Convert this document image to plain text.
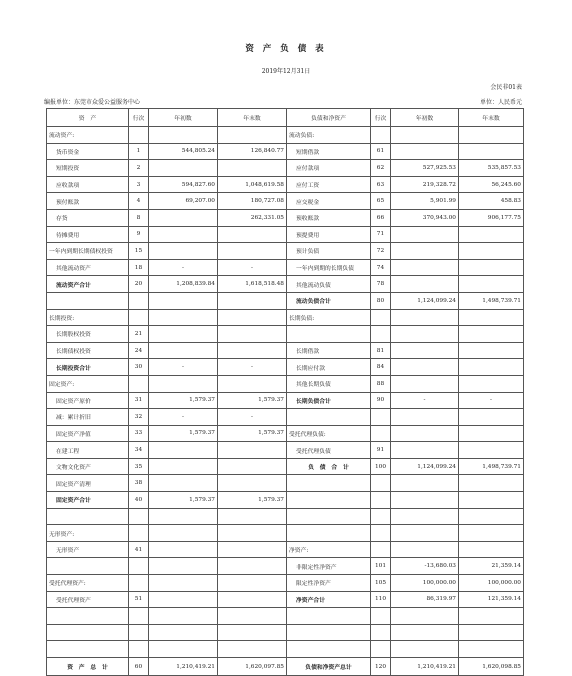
资 产 负 债 表
2019年12月31日
会民非01表
编报单位：东莞市众爱公益服务中心	单位：人民币元
资　产	行次	年初数	年末数	负债和净资产	行次	年初数	年末数
流动资产:				流动负债:			
货币资金	1	544,805.24	126,840.77	短期借款	61		
短期投资	2			应付款项	62	527,925.53	535,857.53
应收款项	3	594,827.60	1,048,619.58	应付工资	63	219,328.72	56,245.60
预付账款	4	69,207.00	180,727.08	应交税金	65	5,901.99	458.83
存货	8		262,331.05	预收账款	66	370,943.00	906,177.75
待摊费用	9			预提费用	71		
一年内到期长期债权投资	15			预计负债	72		
其他流动资产	18	-	-	一年内到期的长期负债	74		
流动资产合计	20	1,208,839.84	1,618,518.48	其他流动负债	78		
				流动负债合计	80	1,124,099.24	1,498,739.71
长期投资:				长期负债:			
长期股权投资	21						
长期债权投资	24			长期借款	81		
长期投资合计	30	-	-	长期应付款	84		
固定资产:				其他长期负债	88		
固定资产原价	31	1,579.37	1,579.37	长期负债合计	90	-	-
减：累计折旧	32	-	-				
固定资产净值	33	1,579.37	1,579.37	受托代理负债:			
在建工程	34			受托代理负债	91		
文物文化资产	35			负　债　合　计	100	1,124,099.24	1,498,739.71
固定资产清理	38						
固定资产合计	40	1,579.37	1,579.37				

无形资产:							
无形资产	41			净资产:			
				非限定性净资产	101	-13,680.03	21,359.14
受托代理资产:				限定性净资产	105	100,000.00	100,000.00
受托代理资产	51			净资产合计	110	86,319.97	121,359.14

资　产　总　计	60	1,210,419.21	1,620,097.85	负债和净资产总计	120	1,210,419.21	1,620,098.85
